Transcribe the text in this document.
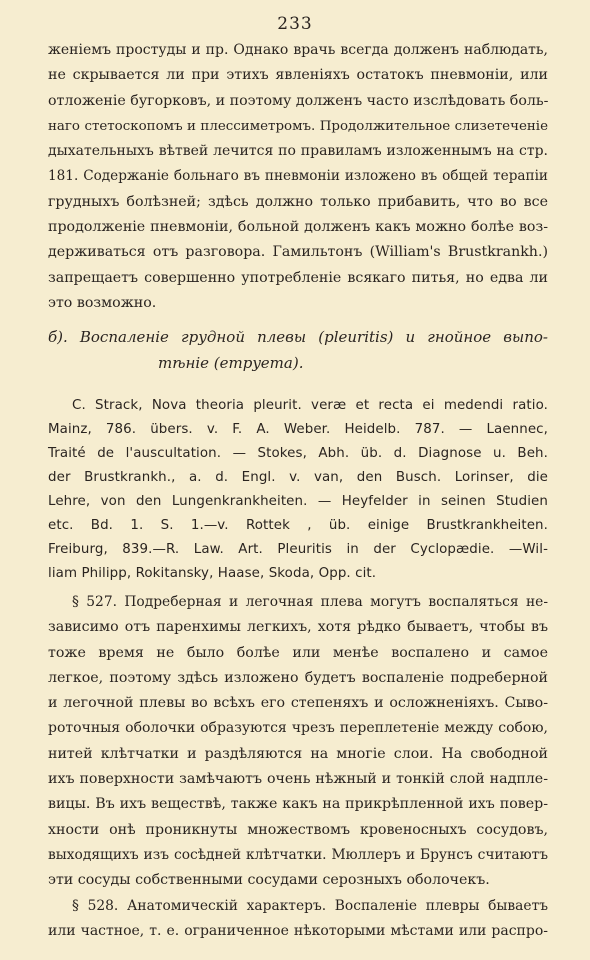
233
женіемъ простуды и пр. Однако врачь всегда долженъ наблюдать,
не скрывается ли при этихъ явленіяхъ остатокъ пневмоніи, или
отложеніе бугорковъ, и поэтому долженъ часто изслѣдовать боль-
наго стетоскопомъ и плессиметромъ. Продолжительное слизетеченіе
дыхательныхъ вѣтвей лечится по правиламъ изложеннымъ на стр.
181. Содержаніе больнаго въ пневмоніи изложено въ общей терапіи
грудныхъ болѣзней; здѣсь должно только прибавить, что во все
продолженіе пневмоніи, больной долженъ какъ можно болѣе воз-
держиваться отъ разговора. Гамильтонъ (William's Brustkrankh.)
запрещаетъ совершенно употребленіе всякаго питья, но едва ли
это возможно.
б). Воспаленіе грудной плевы (pleuritis) и гнойное выпо-
тѣніе (empyema).
C. Strack, Nova theoria pleurit. veræ et recta ei medendi ratio.
Mainz, 786. übers. v. F. A. Weber. Heidelb. 787. — Laennec,
Traité de l'auscultation. — Stokes, Abh. üb. d. Diagnose u. Beh.
der Brustkrankh., a. d. Engl. v. van, den Busch. Lorinser, die
Lehre, von den Lungenkrankheiten. — Heyfelder in seinen Studien
etc. Bd. 1. S. 1.—v. Rottek , üb. einige Brustkrankheiten.
Freiburg, 839.—R. Law. Art. Pleuritis in der Cyclopædie. —Wil-
liam Philipp, Rokitansky, Haase, Skoda, Opp. cit.
§ 527. Подреберная и легочная плева могутъ воспаляться не-
зависимо отъ паренхимы легкихъ, хотя рѣдко бываетъ, чтобы въ
тоже время не было болѣе или менѣе воспалено и самое
легкое, поэтому здѣсь изложено будетъ воспаленіе подреберной
и легочной плевы во всѣхъ его степеняхъ и осложненіяхъ. Сыво-
роточныя оболочки образуются чрезъ переплетеніе между собою,
нитей клѣтчатки и раздѣляются на многіе слои. На свободной
ихъ поверхности замѣчаютъ очень нѣжный и тонкій слой надпле-
вицы. Въ ихъ веществѣ, также какъ на прикрѣпленной ихъ повер-
хности онѣ проникнуты множествомъ кровеносныхъ сосудовъ,
выходящихъ изъ сосѣдней клѣтчатки. Мюллеръ и Брунсъ считаютъ
эти сосуды собственными сосудами серозныхъ оболочекъ.
§ 528. Анатомическій характеръ. Воспаленіе плевры бываетъ
или частное, т. е. ограниченное нѣкоторыми мѣстами или распро-
